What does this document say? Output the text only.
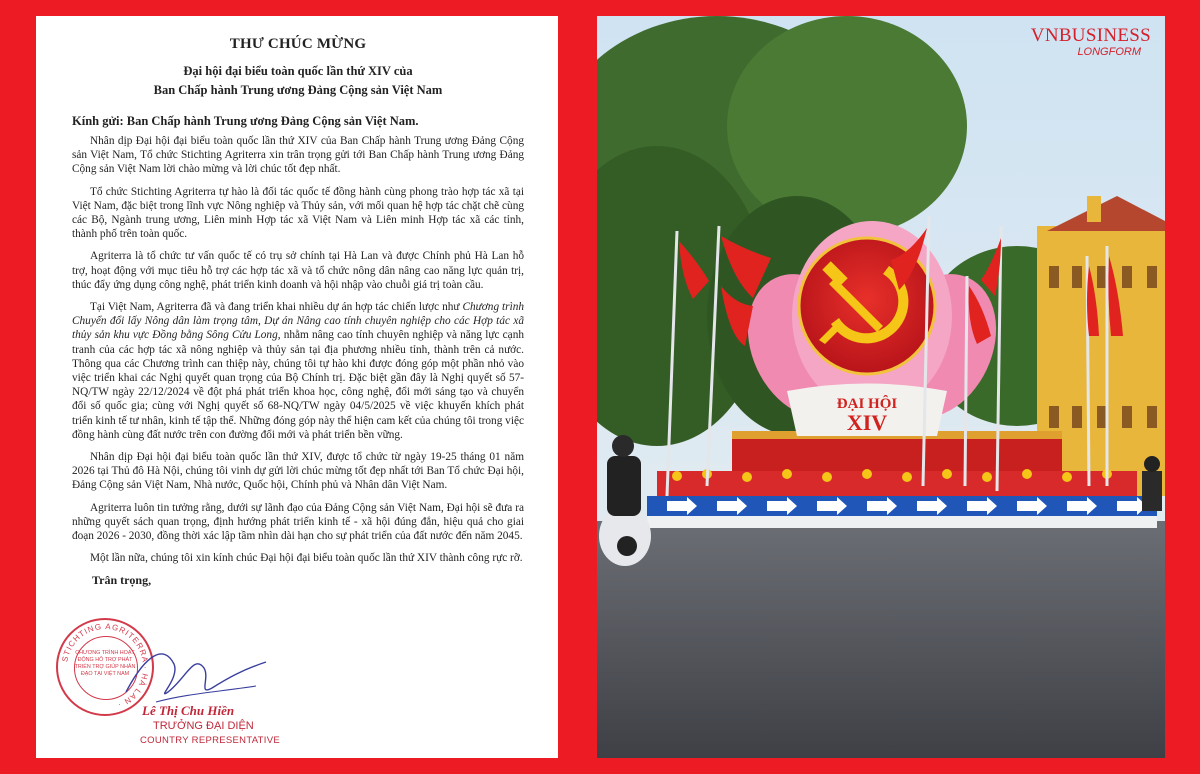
THƯ CHÚC MỪNG
Đại hội đại biểu toàn quốc lần thứ XIV của
Ban Chấp hành Trung ương Đảng Cộng sản Việt Nam
Kính gửi: Ban Chấp hành Trung ương Đảng Cộng sản Việt Nam.

Nhân dịp Đại hội đại biểu toàn quốc lần thứ XIV của Ban Chấp hành Trung ương Đảng Cộng sản Việt Nam, Tổ chức Stichting Agriterra xin trân trọng gửi tới Ban Chấp hành Trung ương Đảng Cộng sản Việt Nam lời chào mừng và lời chúc tốt đẹp nhất.

Tổ chức Stichting Agriterra tự hào là đối tác quốc tế đồng hành cùng phong trào hợp tác xã tại Việt Nam, đặc biệt trong lĩnh vực Nông nghiệp và Thủy sản, với mối quan hệ hợp tác chặt chẽ cùng các Bộ, Ngành trung ương, Liên minh Hợp tác xã Việt Nam và Liên minh Hợp tác xã các tỉnh, thành phố trên toàn quốc.

Agriterra là tổ chức tư vấn quốc tế có trụ sở chính tại Hà Lan và được Chính phủ Hà Lan hỗ trợ, hoạt động với mục tiêu hỗ trợ các hợp tác xã và tổ chức nông dân nâng cao năng lực quản trị, thúc đẩy ứng dụng công nghệ, phát triển kinh doanh và hội nhập vào chuỗi giá trị toàn cầu.

Tại Việt Nam, Agriterra đã và đang triển khai nhiều dự án hợp tác chiến lược như Chương trình Chuyển đổi lấy Nông dân làm trọng tâm, Dự án Nâng cao tính chuyên nghiệp cho các Hợp tác xã thủy sản khu vực Đồng bằng Sông Cửu Long, nhằm nâng cao tính chuyên nghiệp và năng lực cạnh tranh của các hợp tác xã nông nghiệp và thủy sản tại địa phương nhiều tỉnh, thành trên cả nước. Thông qua các Chương trình can thiệp này, chúng tôi tự hào khi được đóng góp một phần nhỏ vào việc triển khai các Nghị quyết quan trọng của Bộ Chính trị. Đặc biệt gần đây là Nghị quyết số 57-NQ/TW ngày 22/12/2024 về đột phá phát triển khoa học, công nghệ, đổi mới sáng tạo và chuyển đổi số quốc gia; cùng với Nghị quyết số 68-NQ/TW ngày 04/5/2025 về việc khuyến khích phát triển kinh tế tư nhân, kinh tế tập thể. Những đóng góp này thể hiện cam kết của chúng tôi trong việc đồng hành cùng đất nước trên con đường đổi mới và phát triển bền vững.

Nhân dịp Đại hội đại biểu toàn quốc lần thứ XIV, được tổ chức từ ngày 19-25 tháng 01 năm 2026 tại Thủ đô Hà Nội, chúng tôi vinh dự gửi lời chúc mừng tốt đẹp nhất tới Ban Tổ chức Đại hội, Đảng Cộng sản Việt Nam, Nhà nước, Quốc hội, Chính phủ và Nhân dân Việt Nam.

Agriterra luôn tin tưởng rằng, dưới sự lãnh đạo của Đảng Cộng sản Việt Nam, Đại hội sẽ đưa ra những quyết sách quan trọng, định hướng phát triển kinh tế - xã hội đúng đắn, hiệu quả cho giai đoạn 2026 - 2030, đồng thời xác lập tầm nhìn dài hạn cho sự phát triển của đất nước đến năm 2045.

Một lần nữa, chúng tôi xin kính chúc Đại hội đại biểu toàn quốc lần thứ XIV thành công rực rỡ.

Trân trọng,
STICHTING AGRITERRA · HÀ LAN ·
CHƯƠNG TRÌNH HOẠT ĐỘNG HỖ TRỢ PHÁT TRIỂN TRỢ GIÚP NHÂN ĐẠO TẠI VIỆT NAM
Lê Thị Chu Hiền
TRƯỞNG ĐẠI DIỆN
COUNTRY REPRESENTATIVE
ĐẠI HỘI
XIV
VNBUSINESS
LONGFORM
